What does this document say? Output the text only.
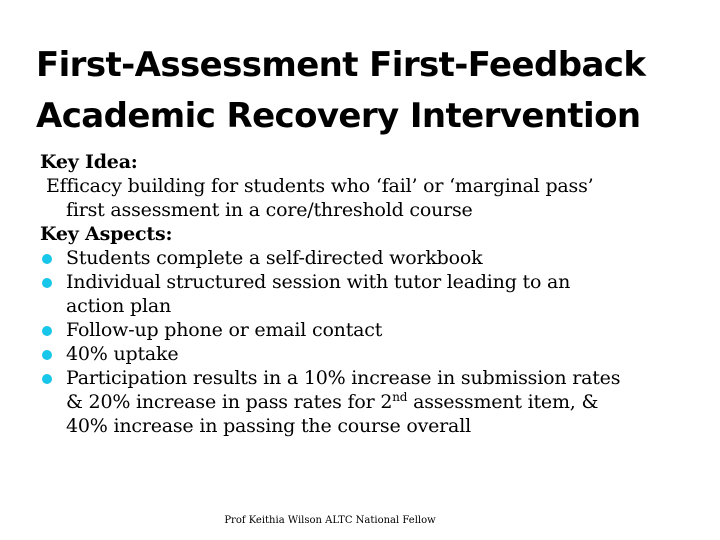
First-Assessment First-Feedback
Academic Recovery Intervention
Key Idea:
Efficacy building for students who ‘fail’ or ‘marginal pass’
first assessment in a core/threshold course
Key Aspects:
Students complete a self-directed workbook
Individual structured session with tutor leading to an
action plan
Follow-up phone or email contact
40% uptake
Participation results in a 10% increase in submission rates
& 20% increase in pass rates for 2nd assessment item, &
40% increase in passing the course overall
Prof Keithia Wilson ALTC National Fellow
